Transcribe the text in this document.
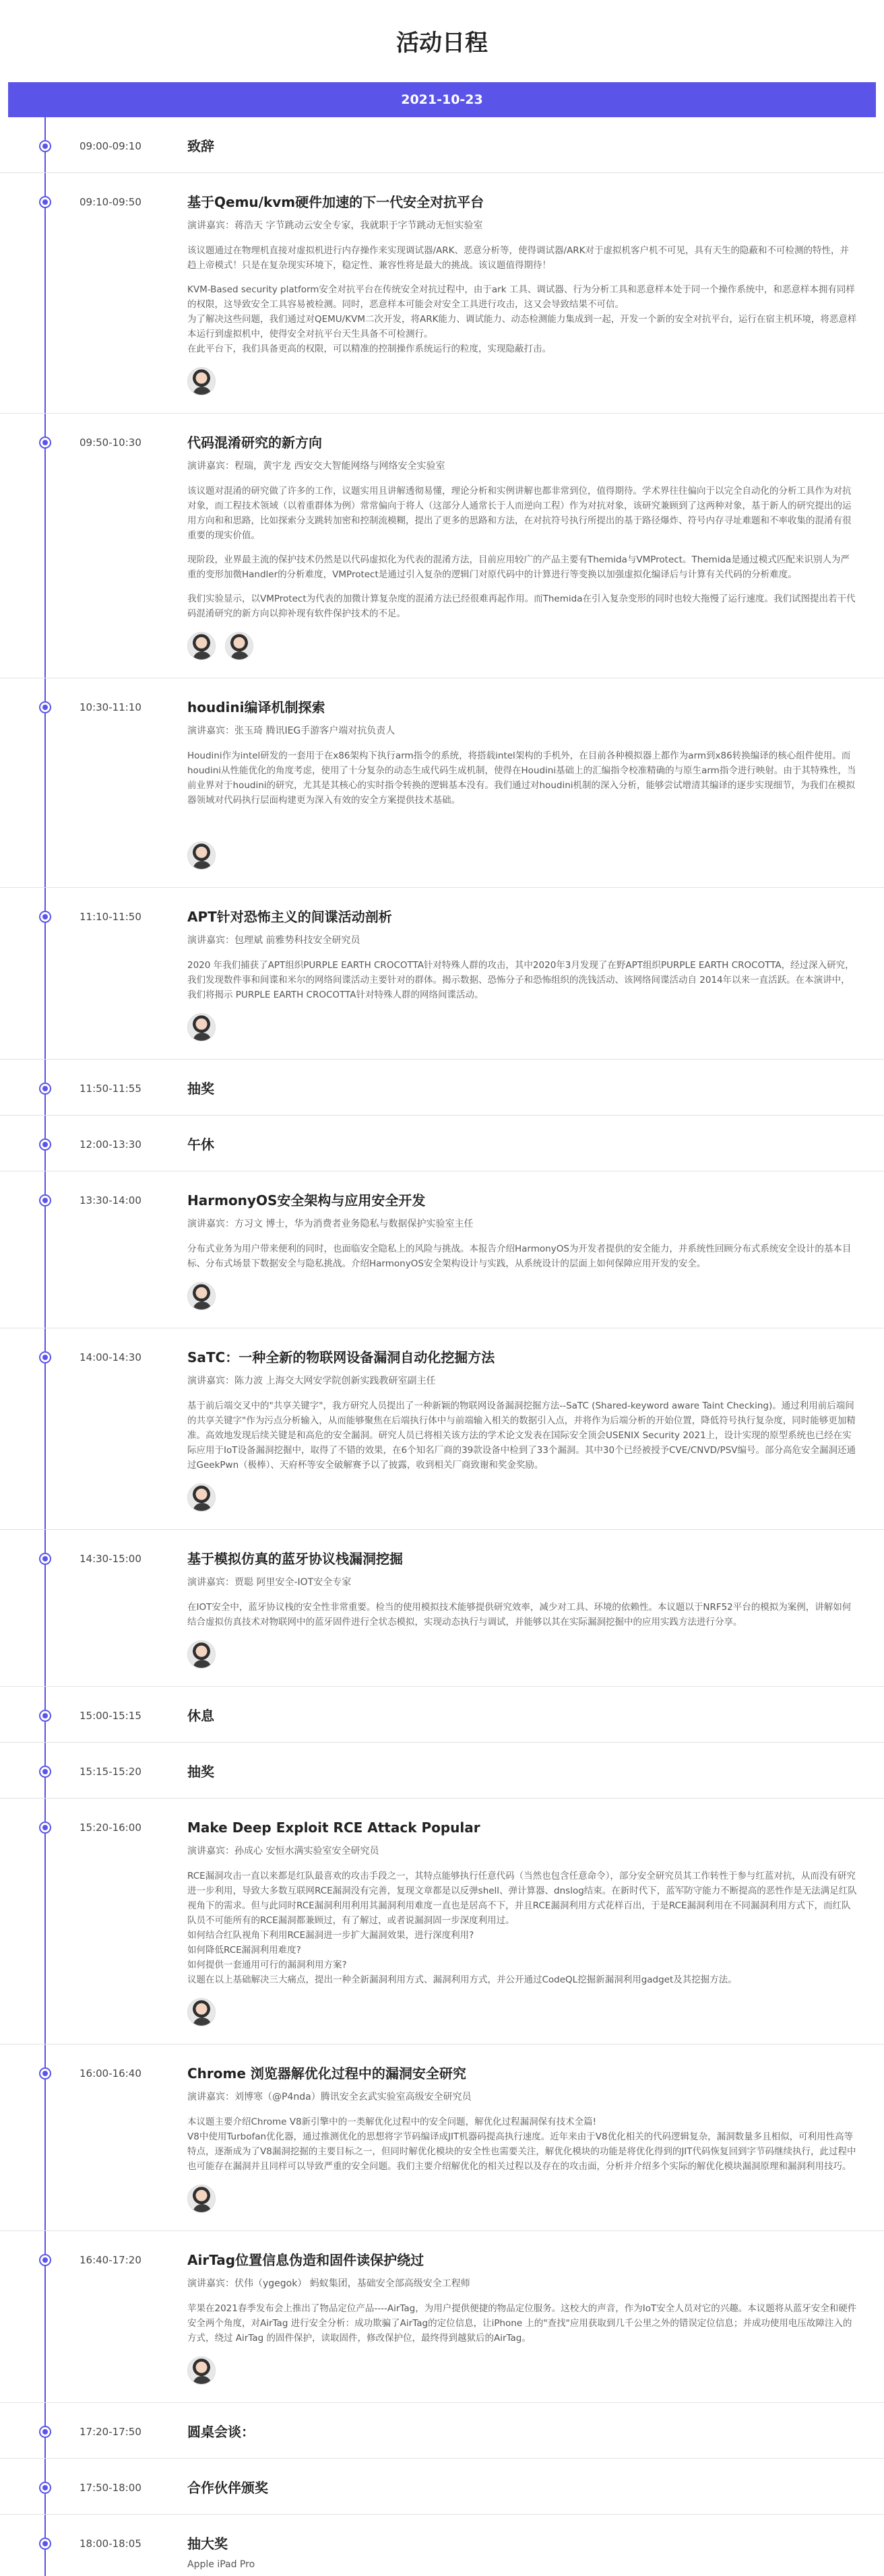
活动日程
2021-10-23
09:00-09:10	致辞
09:10-09:50	基于Qemu/kvm硬件加速的下一代安全对抗平台
演讲嘉宾：蒋浩天 字节跳动云安全专家，我就职于字节跳动无恒实验室

该议题通过在物理机直接对虚拟机进行内存操作来实现调试器/ARK、恶意分析等，使得调试器/ARK对于虚拟机客户机不可见，具有天生的隐蔽和不可检测的特性，并趋上帝模式！只是在复杂现实环境下，稳定性、兼容性将是最大的挑战。该议题值得期待！

KVM-Based security platform安全对抗平台在传统安全对抗过程中，由于ark 工具、调试器、行为分析工具和恶意样本处于同一个操作系统中，和恶意样本拥有同样的权限，这导致安全工具容易被检测。同时，恶意样本可能会对安全工具进行攻击，这又会导致结果不可信。
为了解决这些问题，我们通过对QEMU/KVM二次开发，将ARK能力、调试能力、动态检测能力集成到一起，开发一个新的安全对抗平台，运行在宿主机环境，将恶意样本运行到虚拟机中，使得安全对抗平台天生具备不可检测行。
在此平台下，我们具备更高的权限，可以精准的控制操作系统运行的粒度，实现隐蔽打击。

09:50-10:30	代码混淆研究的新方向
演讲嘉宾：程瑞，黄宇龙 西安交大智能网络与网络安全实验室

该议题对混淆的研究做了许多的工作，议题实用且讲解透彻易懂，理论分析和实例讲解也都非常到位，值得期待。学术界往往偏向于以完全自动化的分析工具作为对抗对象，而工程技术领域（以着重群体为例）常常偏向于将人（这部分人通常长于人而逆向工程）作为对抗对象，该研究兼顾到了这两种对象，基于新人的研究提出的运用方向和和思路，比如探索分支跳转加密和控制流模糊，提出了更多的思路和方法，在对抗符号执行所提出的基于路径爆炸、符号内存寻址难题和不率收集的混淆有很重要的现实价值。

现阶段，业界最主流的保护技术仍然是以代码虚拟化为代表的混淆方法，目前应用较广的产品主要有Themida与VMProtect。Themida是通过模式匹配来识别人为严重的变形加微Handler的分析难度，VMProtect是通过引入复杂的逻辑门对原代码中的计算进行等变换以加强虚拟化编译后与计算有关代码的分析难度。

我们实验显示，以VMProtect为代表的加微计算复杂度的混淆方法已经很难再起作用。而Themida在引入复杂变形的同时也较大拖慢了运行速度。我们试图提出若干代码混淆研究的新方向以抑补现有软件保护技术的不足。

10:30-11:10	houdini编译机制探索
演讲嘉宾：张玉琦 腾讯IEG手游客户端对抗负责人

Houdini作为intel研发的一套用于在x86架构下执行arm指令的系统，将搭载intel架构的手机外，在目前各种模拟器上都作为arm到x86转换编译的核心组件使用。而houdini从性能优化的角度考虑，使用了十分复杂的动态生成代码生成机制，使得在Houdini基础上的汇编指令校准精确的与原生arm指令进行映射。由于其特殊性，当前业界对于houdini的研究，尤其是其核心的实时指令转换的逻辑基本没有。我们通过对houdini机制的深入分析，能够尝试增清其编译的逐步实现细节，为我们在模拟器领域对代码执行层面构建更为深入有效的安全方案提供技术基础。

11:10-11:50	APT针对恐怖主义的间谍活动剖析
演讲嘉宾：包理斌 前雅势科技安全研究员

2020 年我们捕获了APT组织PURPLE EARTH CROCOTTA针对特殊人群的攻击，其中2020年3月发现了在野APT组织PURPLE EARTH CROCOTTA，经过深入研究，我们发现数件事和间谍和米尔的网络间谍活动主要针对的群体。揭示数据、恐怖分子和恐怖组织的洗钱活动、该网络间谍活动自 2014年以来一直活跃。在本演讲中，我们将揭示 PURPLE EARTH CROCOTTA针对特殊人群的网络间谍活动。

11:50-11:55	抽奖
12:00-13:30	午休
13:30-14:00	HarmonyOS安全架构与应用安全开发
演讲嘉宾：方习文 博士，华为消费者业务隐私与数据保护实验室主任

分布式业务为用户带来便利的同时，也面临安全隐私上的风险与挑战。本报告介绍HarmonyOS为开发者提供的安全能力，并系统性回顾分布式系统安全设计的基本目标、分布式场景下数据安全与隐私挑战。介绍HarmonyOS安全架构设计与实践，从系统设计的层面上如何保障应用开发的安全。

14:00-14:30	SaTC：一种全新的物联网设备漏洞自动化挖掘方法
演讲嘉宾：陈力波 上海交大网安学院创新实践教研室副主任

基于前后端交叉中的"共享关键字"，我方研究人员提出了一种新颖的物联网设备漏洞挖掘方法--SaTC (Shared-keyword aware Taint Checking)。通过利用前后端间的共享关键字"作为污点分析输入，从而能够聚焦在后端执行体中与前端输入相关的数据引入点，并将作为后端分析的开始位置，降低符号执行复杂度，同时能够更加精准。高效地发现后续关键是和高危的安全漏洞。研究人员已将相关该方法的学术论文发表在国际安全顶会USENIX Security 2021上，设计实现的原型系统也已经在实际应用于IoT设备漏洞挖掘中，取得了不错的效果，在6个知名厂商的39款设备中检到了33个漏洞。其中30个已经被授予CVE/CNVD/PSV编号。部分高危安全漏洞还通过GeekPwn（极棒）、天府杯等安全破解赛予以了披露，收到相关厂商致谢和奖金奖励。

14:30-15:00	基于模拟仿真的蓝牙协议栈漏洞挖掘
演讲嘉宾：贾聪 阿里安全-IOT安全专家

在IOT安全中，蓝牙协议栈的安全性非常重要。检当的使用模拟技术能够提供研究效率，减少对工具、环境的依赖性。本议题以于NRF52平台的模拟为案例，讲解如何结合虚拟仿真技术对物联网中的蓝牙固件进行全状态模拟，实现动态执行与调试，并能够以其在实际漏洞挖掘中的应用实践方法进行分享。

15:00-15:15	休息
15:15-15:20	抽奖
15:20-16:00	Make Deep Exploit RCE Attack Popular
演讲嘉宾：孙成心 安恒水满实验室安全研究员

RCE漏洞攻击一直以来都是红队最喜欢的攻击手段之一，其特点能够执行任意代码（当然也包含任意命令），部分安全研究员其工作转性于参与红蓝对抗，从而没有研究进一步利用，导致大多数互联网RCE漏洞没有完善，复现文章都是以反弹shell、弹计算器、dnslog结束。在新时代下，蓝军防守能力不断提高的恶性作是无法满足红队视角下的需求。但与此同时RCE漏洞利用利用其漏洞利用难度一直也是居高不下，并且RCE漏洞利用方式花样百出，于是RCE漏洞利用在不同漏洞利用方式下，而红队队员不可能所有的RCE漏洞都兼顾过，有了解过，或者说漏洞固一步深度利用过。
如何结合红队视角下利用RCE漏洞进一步扩大漏洞效果，进行深度利用?
如何降低RCE漏洞利用难度?
如何提供一套通用可行的漏洞利用方案?
议题在以上基础解决三大痛点，提出一种全新漏洞利用方式、漏洞利用方式，并公开通过CodeQL挖掘新漏洞利用gadget及其挖掘方法。

16:00-16:40	Chrome 浏览器解优化过程中的漏洞安全研究
演讲嘉宾：刘博寒（@P4nda）腾讯安全玄武实验室高级安全研究员

本议题主要介绍Chrome V8新引擎中的一类解优化过程中的安全问题，解优化过程漏洞保有技术全篇!
V8中使用Turbofan优化器，通过推测优化的思想将字节码编译成JIT机器码提高执行速度。近年来由于V8优化相关的代码逻辑复杂，漏洞数量多且相似，可利用性高等特点，逐渐成为了V8漏洞挖掘的主要目标之一，但同时解优化模块的安全性也需要关注，解优化模块的功能是将优化得到的JIT代码恢复回到字节码继续执行，此过程中也可能存在漏洞并且同样可以导致严重的安全问题。我们主要介绍解优化的相关过程以及存在的攻击面，分析并介绍多个实际的解优化模块漏洞原理和漏洞利用技巧。

16:40-17:20	AirTag位置信息伪造和固件读保护绕过
演讲嘉宾：伏伟（ygegok） 蚂蚁集团，基础安全部高级安全工程师

苹果在2021春季发布会上推出了物品定位产品----AirTag，为用户提供便捷的物品定位服务。这校大的声音，作为IoT安全人员对它的兴趣。本议题将从蓝牙安全和硬件安全两个角度，对AirTag 进行安全分析：成功欺骗了AirTag的定位信息，让iPhone 上的"查找"应用获取到几千公里之外的错误定位信息；并成功使用电压故障注入的方式，绕过 AirTag 的固件保护，读取固件，修改保护位，最终得到越狱后的AirTag。

17:20-17:50	圆桌会谈：
17:50-18:00	合作伙伴颁奖
18:00-18:05	抽大奖
Apple iPad Pro
